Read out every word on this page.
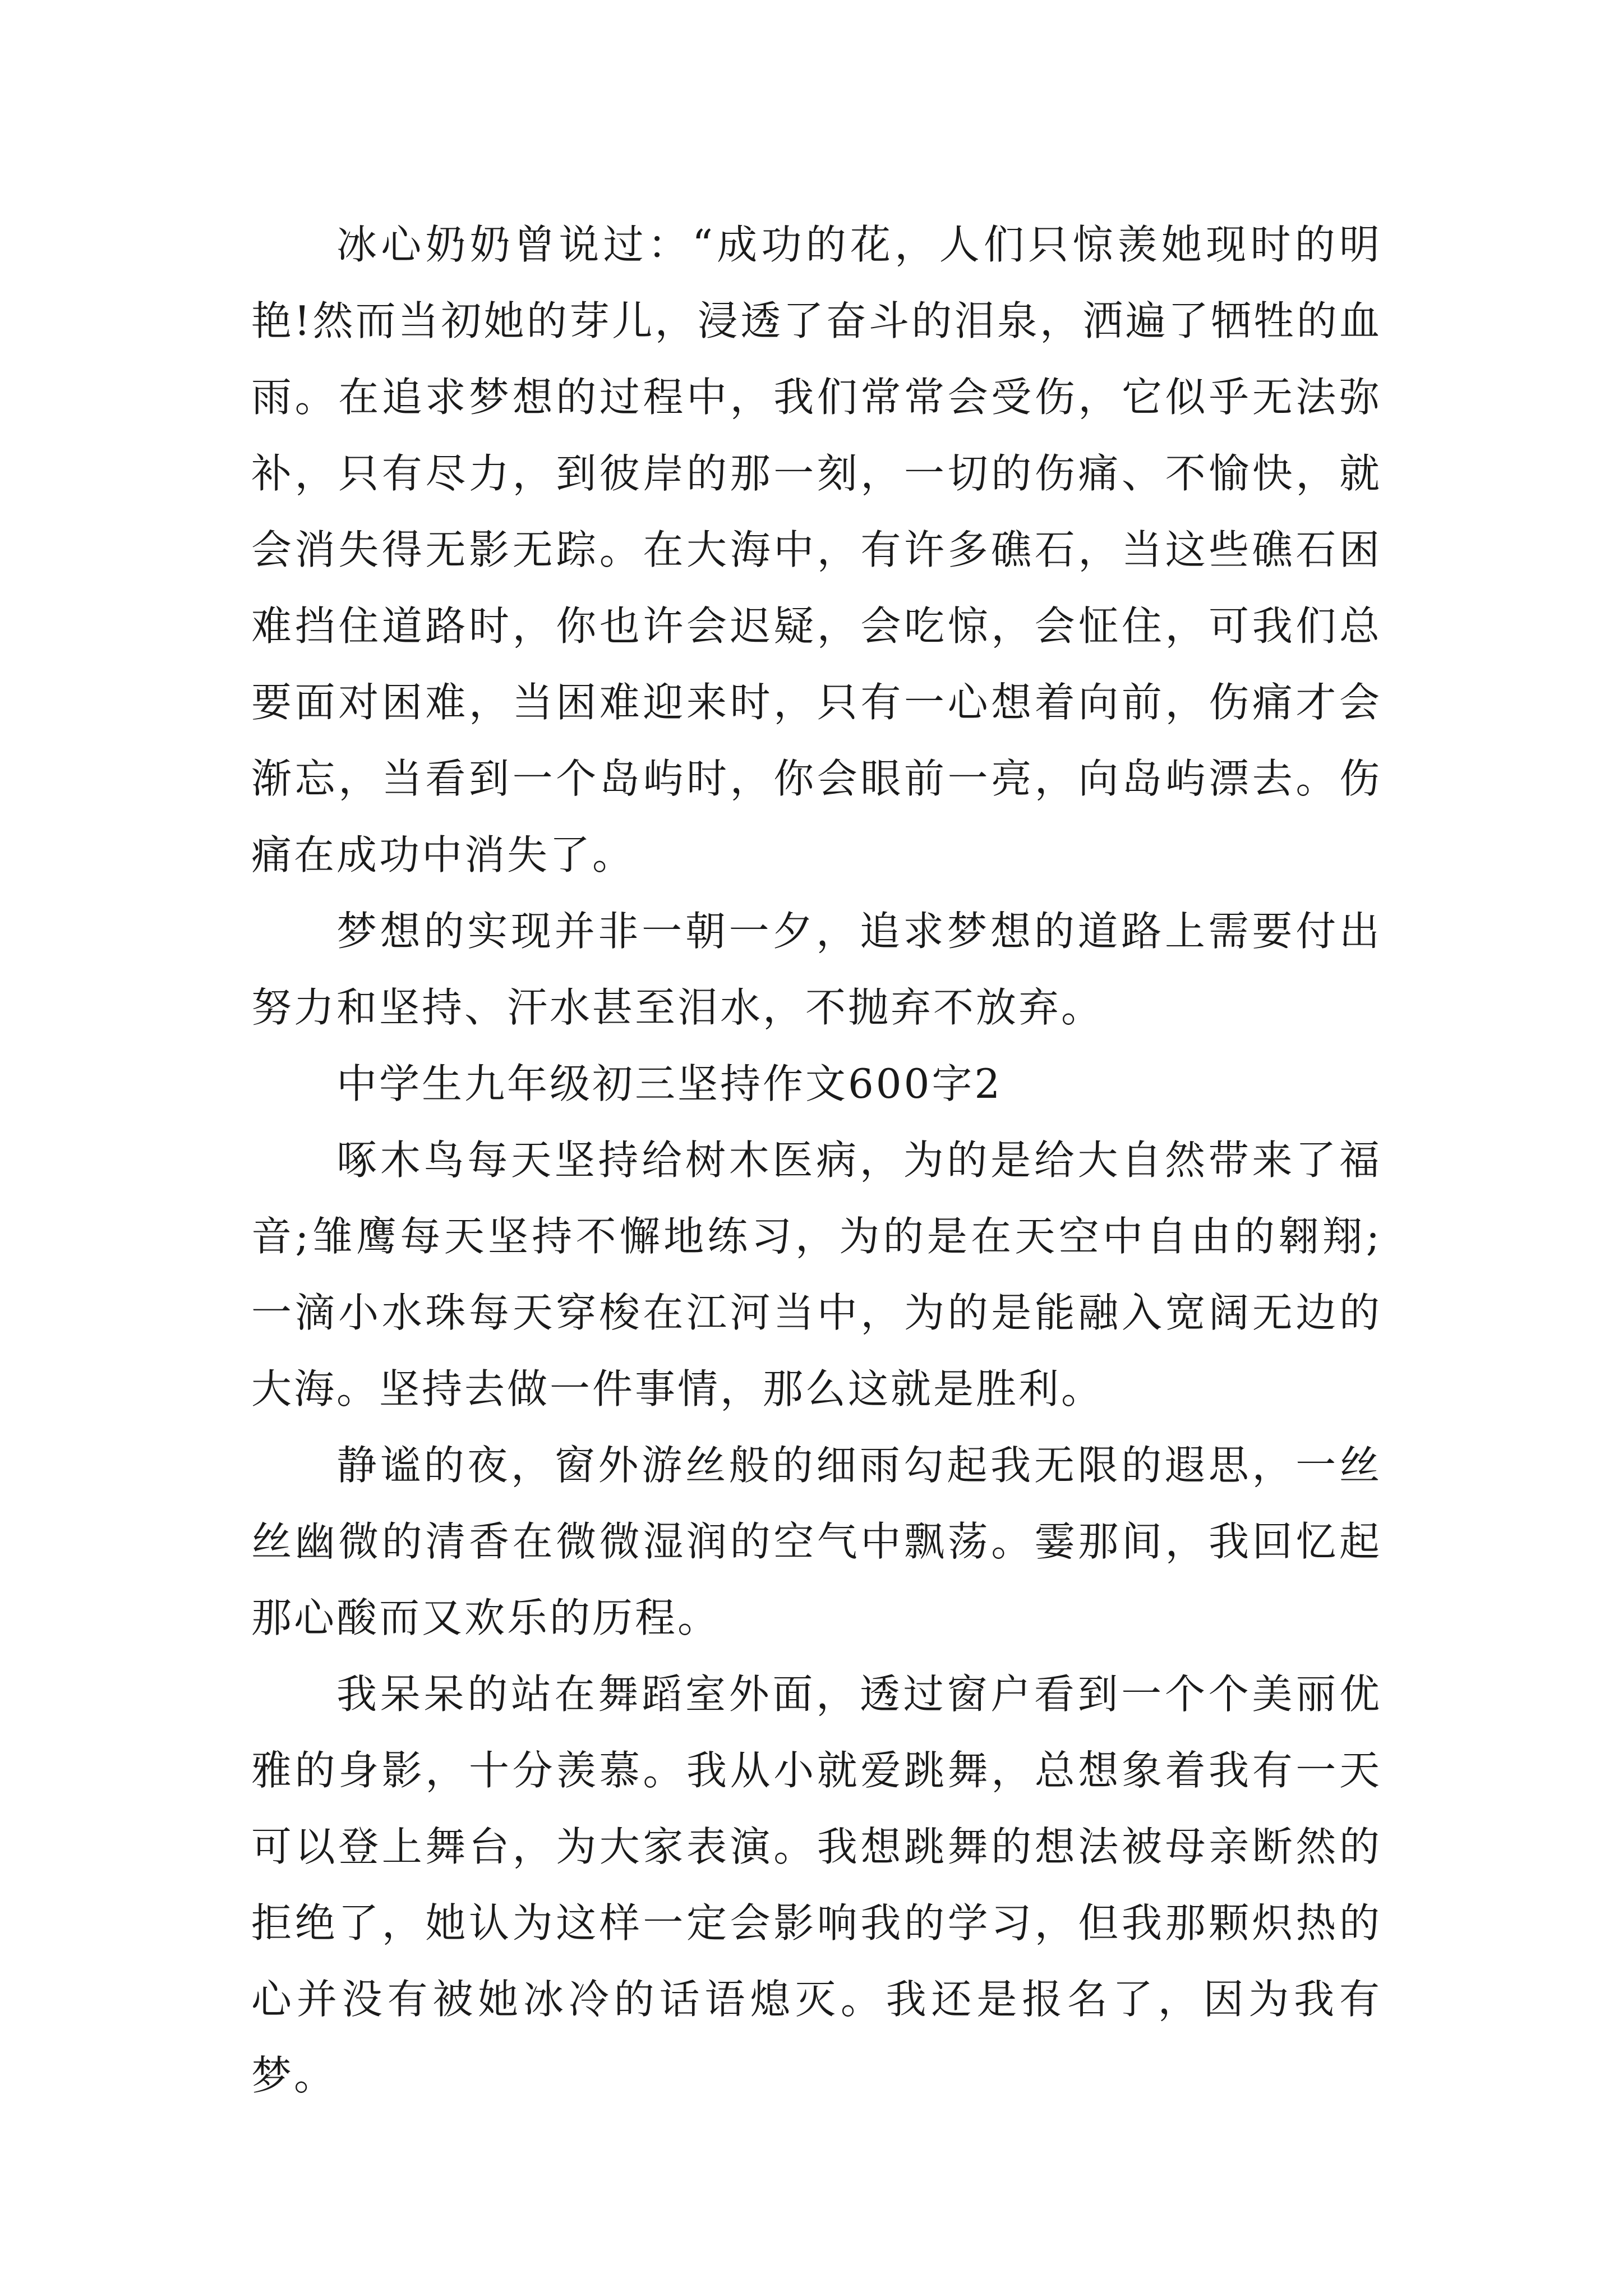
冰心奶奶曾说过：“成功的花，人们只惊羡她现时的明艳!然而当初她的芽儿，浸透了奋斗的泪泉，洒遍了牺牲的血雨。在追求梦想的过程中，我们常常会受伤，它似乎无法弥补，只有尽力，到彼岸的那一刻，一切的伤痛、不愉快，就会消失得无影无踪。在大海中，有许多礁石，当这些礁石困难挡住道路时，你也许会迟疑，会吃惊，会怔住，可我们总要面对困难，当困难迎来时，只有一心想着向前，伤痛才会渐忘，当看到一个岛屿时，你会眼前一亮，向岛屿漂去。伤痛在成功中消失了。

梦想的实现并非一朝一夕，追求梦想的道路上需要付出努力和坚持、汗水甚至泪水，不抛弃不放弃。

中学生九年级初三坚持作文600字2

啄木鸟每天坚持给树木医病，为的是给大自然带来了福音;雏鹰每天坚持不懈地练习，为的是在天空中自由的翱翔;一滴小水珠每天穿梭在江河当中，为的是能融入宽阔无边的大海。坚持去做一件事情，那么这就是胜利。

静谧的夜，窗外游丝般的细雨勾起我无限的遐思，一丝丝幽微的清香在微微湿润的空气中飘荡。霎那间，我回忆起那心酸而又欢乐的历程。

我呆呆的站在舞蹈室外面，透过窗户看到一个个美丽优雅的身影，十分羡慕。我从小就爱跳舞，总想象着我有一天可以登上舞台，为大家表演。我想跳舞的想法被母亲断然的拒绝了，她认为这样一定会影响我的学习，但我那颗炽热的心并没有被她冰冷的话语熄灭。我还是报名了，因为我有梦。
